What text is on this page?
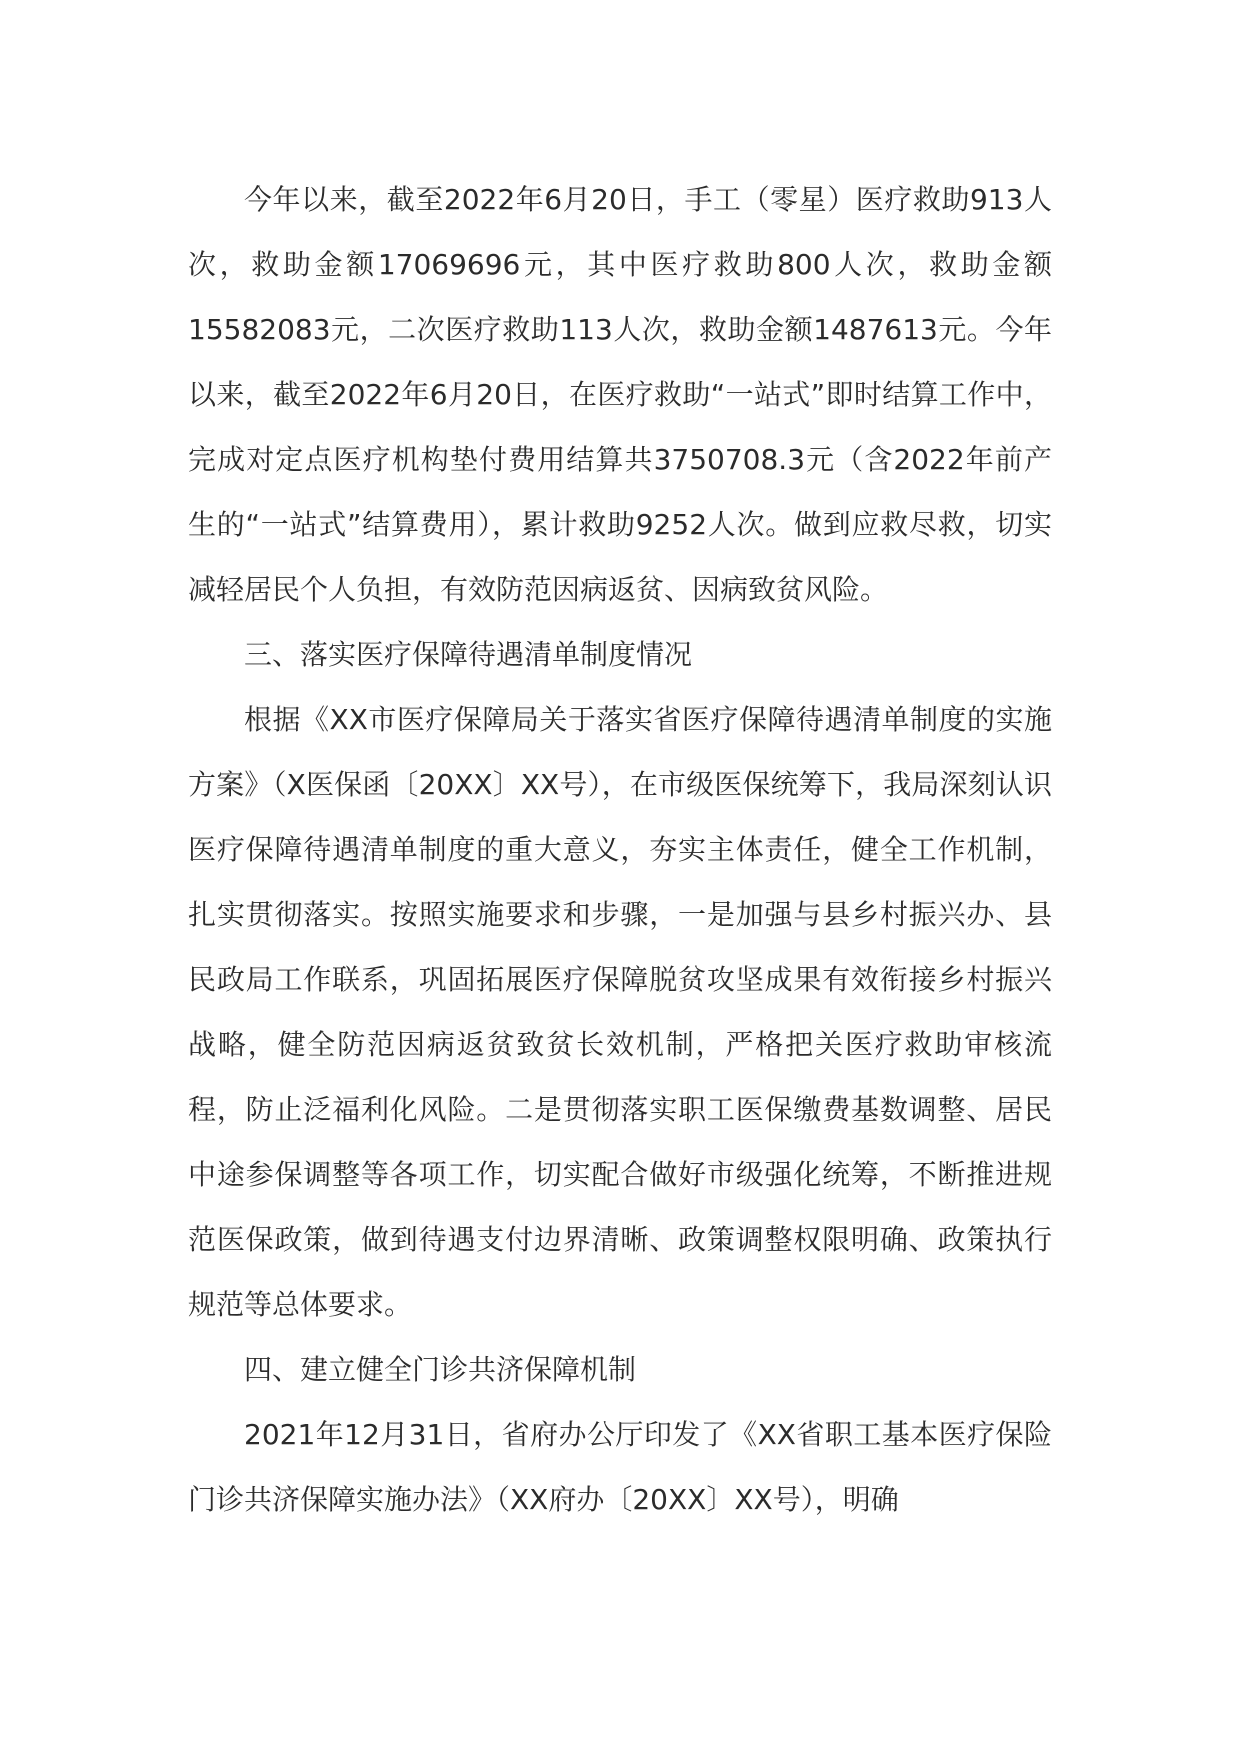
今年以来，截至2022年6月20日，手工（零星）医疗救助913人次，救助金额17069696元，其中医疗救助800人次，救助金额15582083元，二次医疗救助113人次，救助金额1487613元。今年以来，截至2022年6月20日，在医疗救助“一站式”即时结算工作中，完成对定点医疗机构垫付费用结算共3750708.3元（含2022年前产生的“一站式”结算费用），累计救助9252人次。做到应救尽救，切实减轻居民个人负担，有效防范因病返贫、因病致贫风险。

三、落实医疗保障待遇清单制度情况

根据《XX市医疗保障局关于落实省医疗保障待遇清单制度的实施方案》（X医保函〔20XX〕XX号），在市级医保统筹下，我局深刻认识医疗保障待遇清单制度的重大意义，夯实主体责任，健全工作机制，扎实贯彻落实。按照实施要求和步骤，一是加强与县乡村振兴办、县民政局工作联系，巩固拓展医疗保障脱贫攻坚成果有效衔接乡村振兴战略，健全防范因病返贫致贫长效机制，严格把关医疗救助审核流程，防止泛福利化风险。二是贯彻落实职工医保缴费基数调整、居民中途参保调整等各项工作，切实配合做好市级强化统筹，不断推进规范医保政策，做到待遇支付边界清晰、政策调整权限明确、政策执行规范等总体要求。

四、建立健全门诊共济保障机制

2021年12月31日，省府办公厅印发了《XX省职工基本医疗保险门诊共济保障实施办法》（XX府办〔20XX〕XX号），明确
